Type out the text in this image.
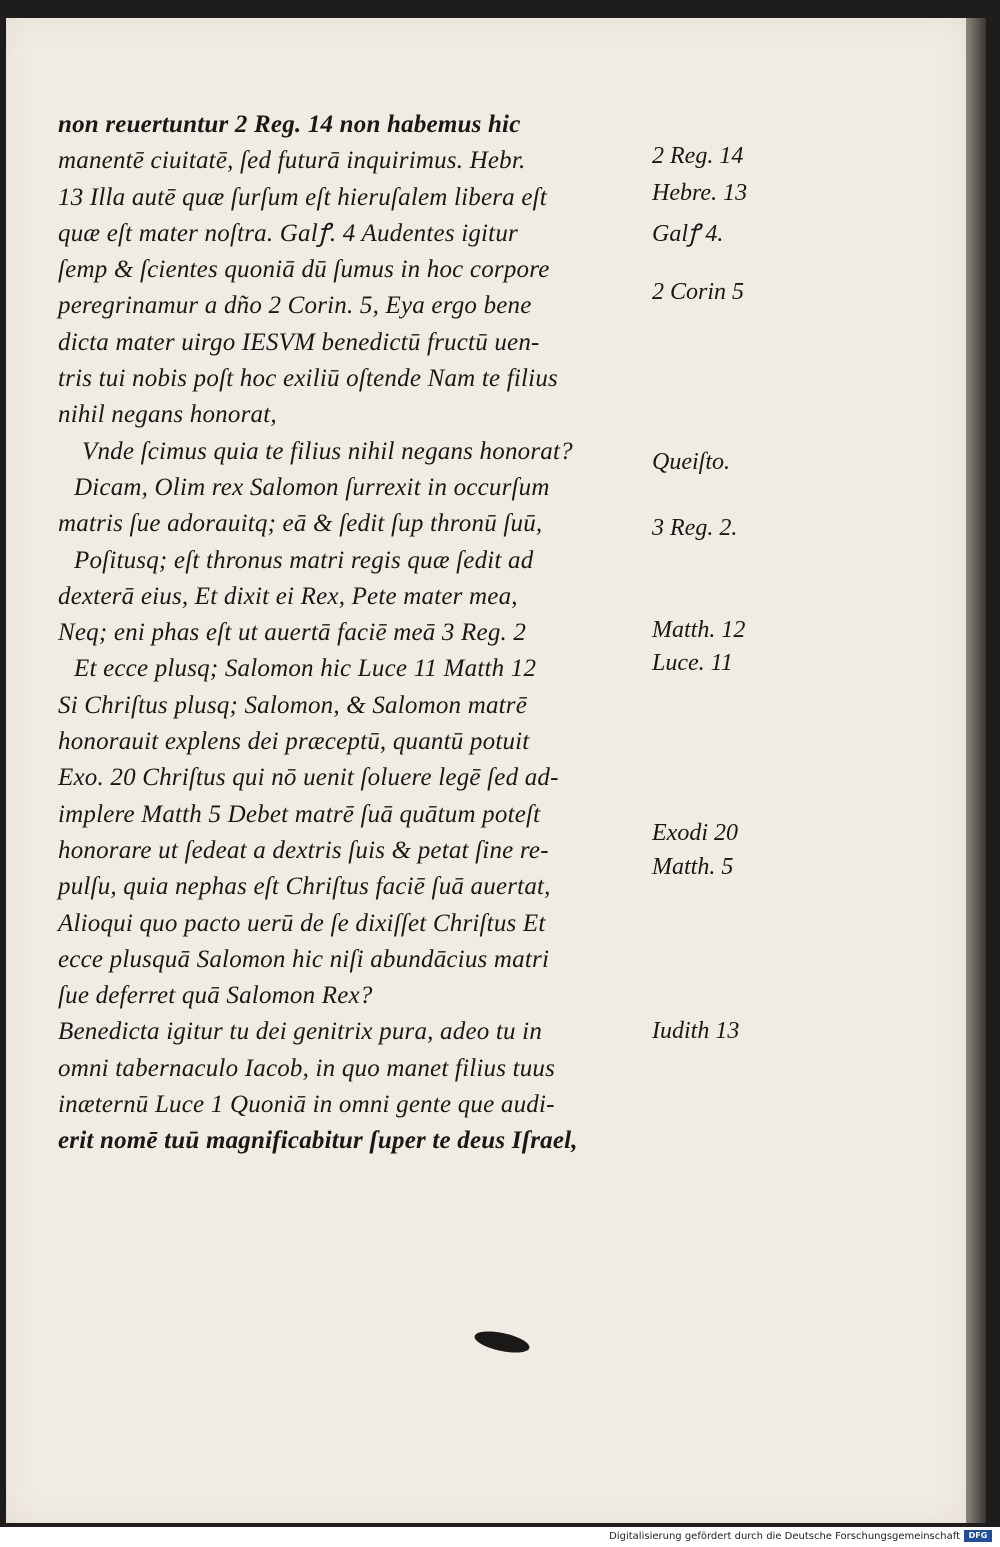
non reuertuntur 2 Reg. 14 non habemus hic
manentē ciuitatē, ſed futurā inquirimus. Hebr.
13 Illa autē quæ ſurſum eſt hieruſalem libera eſt
quæ eſt mater noſtra. Galꝭ. 4 Audentes igitur
ſemp & ſcientes quoniā dū ſumus in hoc corpore
peregrinamur a dño 2 Corin. 5, Eya ergo bene
dicta mater uirgo IESVM benedictū fructū uen-
tris tui nobis poſt hoc exiliū oſtende Nam te filius
nihil negans honorat,
Vnde ſcimus quia te filius nihil negans honorat?
Dicam, Olim rex Salomon ſurrexit in occurſum
matris ſue adorauitq; eā & ſedit ſup thronū ſuū,
Poſitusq; eſt thronus matri regis quæ ſedit ad
dexterā eius, Et dixit ei Rex, Pete mater mea,
Neq; eni phas eſt ut auertā faciē meā 3 Reg. 2
Et ecce plusq; Salomon hic Luce 11 Matth 12
Si Chriſtus plusq; Salomon, & Salomon matrē
honorauit explens dei præceptū, quantū potuit
Exo. 20 Chriſtus qui nō uenit ſoluere legē ſed ad-
implere Matth 5 Debet matrē ſuā quātum poteſt
honorare ut ſedeat a dextris ſuis & petat ſine re-
pulſu, quia nephas eſt Chriſtus faciē ſuā auertat,
Alioqui quo pacto uerū de ſe dixiſſet Chriſtus Et
ecce plusquā Salomon hic niſi abundācius matri
ſue deferret quā Salomon Rex?
Benedicta igitur tu dei genitrix pura, adeo tu in
omni tabernaculo Iacob, in quo manet filius tuus
inæternū Luce 1 Quoniā in omni gente que audi-
erit nomē tuū magnificabitur ſuper te deus Iſrael,
2 Reg. 14
Hebre. 13
Galꝭ 4.
2 Corin 5
Queiſto.
3 Reg. 2.
Matth. 12
Luce. 11
Exodi 20
Matth. 5
Iudith 13
Digitalisierung gefördert durch die Deutsche Forschungsgemeinschaft	DFG
